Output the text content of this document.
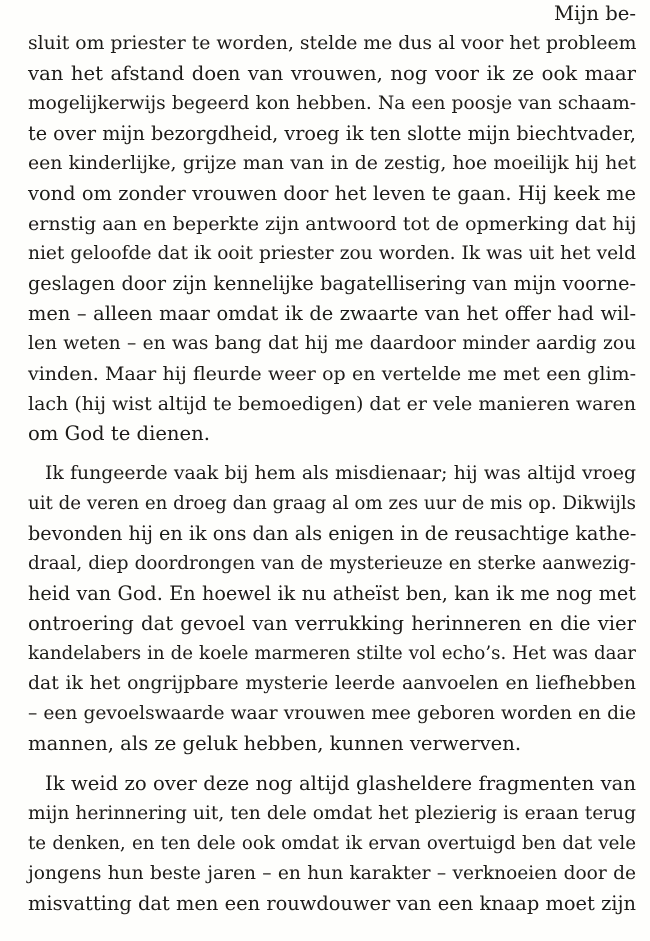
Mijn be-
sluit om priester te worden, stelde me dus al voor het probleem
van het afstand doen van vrouwen, nog voor ik ze ook maar
mogelijkerwijs begeerd kon hebben. Na een poosje van schaam-
te over mijn bezorgdheid, vroeg ik ten slotte mijn biechtvader,
een kinderlijke, grijze man van in de zestig, hoe moeilijk hij het
vond om zonder vrouwen door het leven te gaan. Hij keek me
ernstig aan en beperkte zijn antwoord tot de opmerking dat hij
niet geloofde dat ik ooit priester zou worden. Ik was uit het veld
geslagen door zijn kennelijke bagatellisering van mijn voorne-
men – alleen maar omdat ik de zwaarte van het offer had wil-
len weten – en was bang dat hij me daardoor minder aardig zou
vinden. Maar hij fleurde weer op en vertelde me met een glim-
lach (hij wist altijd te bemoedigen) dat er vele manieren waren
om God te dienen.
Ik fungeerde vaak bij hem als misdienaar; hij was altijd vroeg
uit de veren en droeg dan graag al om zes uur de mis op. Dikwijls
bevonden hij en ik ons dan als enigen in de reusachtige kathe-
draal, diep doordrongen van de mysterieuze en sterke aanwezig-
heid van God. En hoewel ik nu atheïst ben, kan ik me nog met
ontroering dat gevoel van verrukking herinneren en die vier
kandelabers in de koele marmeren stilte vol echo’s. Het was daar
dat ik het ongrijpbare mysterie leerde aanvoelen en liefhebben
– een gevoelswaarde waar vrouwen mee geboren worden en die
mannen, als ze geluk hebben, kunnen verwerven.
Ik weid zo over deze nog altijd glasheldere fragmenten van
mijn herinnering uit, ten dele omdat het plezierig is eraan terug
te denken, en ten dele ook omdat ik ervan overtuigd ben dat vele
jongens hun beste jaren – en hun karakter – verknoeien door de
misvatting dat men een rouwdouwer van een knaap moet zijn
